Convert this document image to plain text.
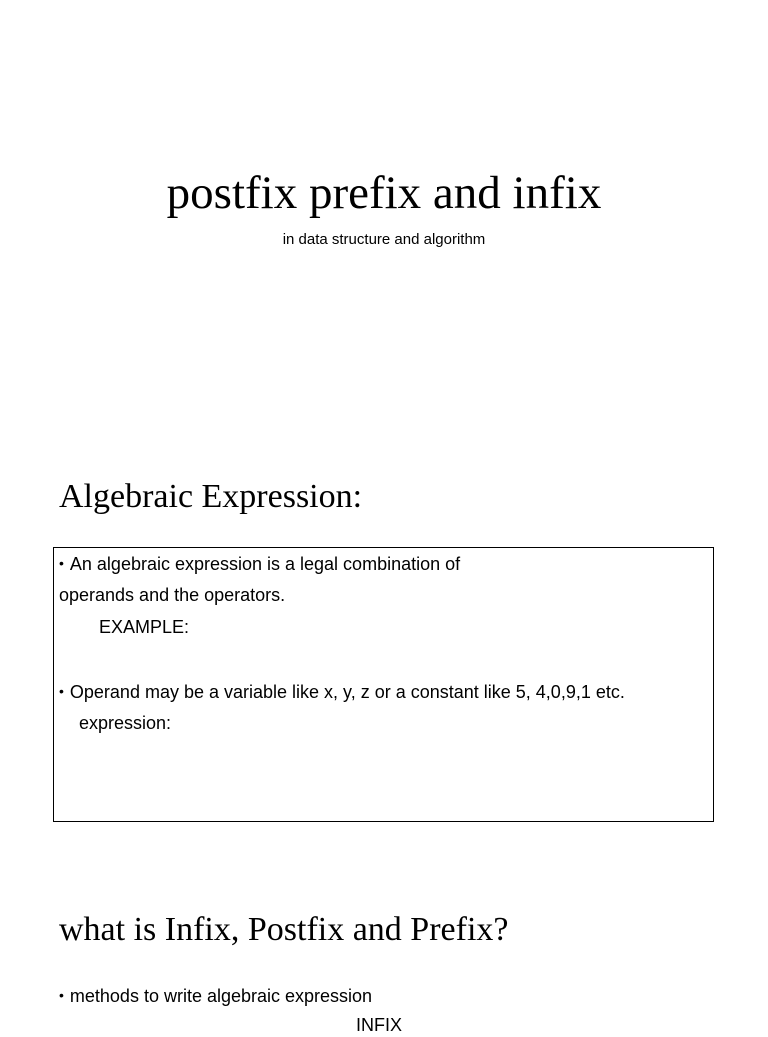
postfix prefix and infix

in data structure and algorithm

Algebraic Expression:

• An algebraic expression is a legal combination of

operands and the operators.

EXAMPLE:

• Operand may be a variable like x, y, z or a constant like 5, 4,0,9,1 etc.

expression:

what is Infix, Postfix and Prefix?

• methods to write algebraic expression

INFIX
